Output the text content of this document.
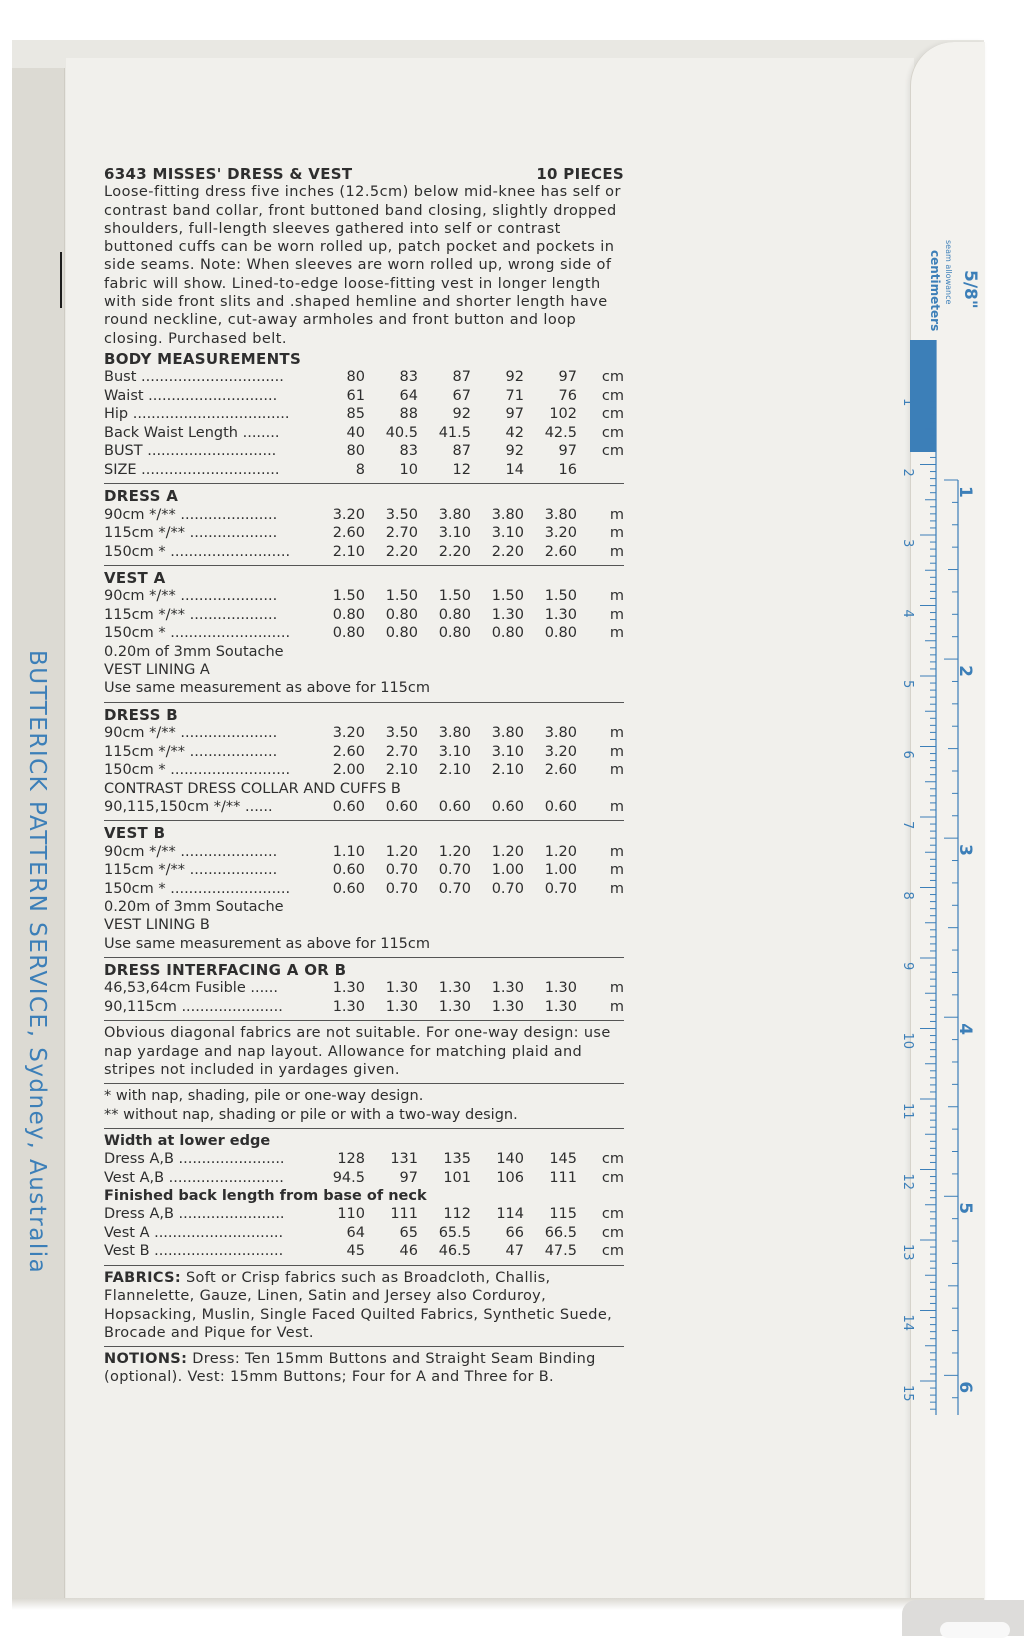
BUTTERICK PATTERN SERVICE, Sydney, Australia
5/8"
seam allowance
centimeters
1
2
3
4
5
6
7
8
9
10
11
12
13
14
15
1
2
3
4
5
6
6343 MISSES' DRESS & VEST	10 PIECES

Loose-fitting dress five inches (12.5cm) below mid-knee has self or contrast band collar, front buttoned band closing, slightly dropped shoulders, full-length sleeves gathered into self or contrast buttoned cuffs can be worn rolled up, patch pocket and pockets in side seams. Note: When sleeves are worn rolled up, wrong side of fabric will show. Lined-to-edge loose-fitting vest in longer length with side front slits and .shaped hemline and shorter length have round neckline, cut-away armholes and front button and loop closing. Purchased belt.

BODY MEASUREMENTS
Bust ...............................	80	83	87	92	97	cm
Waist ............................	61	64	67	71	76	cm
Hip ..................................	85	88	92	97	102	cm
Back Waist Length ........	40	40.5	41.5	42	42.5	cm
BUST ............................	80	83	87	92	97	cm
SIZE ..............................	8	10	12	14	16
DRESS A
90cm */** .....................	3.20	3.50	3.80	3.80	3.80	m
115cm */** ...................	2.60	2.70	3.10	3.10	3.20	m
150cm * ..........................	2.10	2.20	2.20	2.20	2.60	m
VEST A
90cm */** .....................	1.50	1.50	1.50	1.50	1.50	m
115cm */** ...................	0.80	0.80	0.80	1.30	1.30	m
150cm * ..........................	0.80	0.80	0.80	0.80	0.80	m
0.20m of 3mm Soutache
VEST LINING A
Use same measurement as above for 115cm
DRESS B
90cm */** .....................	3.20	3.50	3.80	3.80	3.80	m
115cm */** ...................	2.60	2.70	3.10	3.10	3.20	m
150cm * ..........................	2.00	2.10	2.10	2.10	2.60	m
CONTRAST DRESS COLLAR AND CUFFS B
90,115,150cm */** ......	0.60	0.60	0.60	0.60	0.60	m
VEST B
90cm */** .....................	1.10	1.20	1.20	1.20	1.20	m
115cm */** ...................	0.60	0.70	0.70	1.00	1.00	m
150cm * ..........................	0.60	0.70	0.70	0.70	0.70	m
0.20m of 3mm Soutache
VEST LINING B
Use same measurement as above for 115cm
DRESS INTERFACING A OR B
46,53,64cm Fusible ......	1.30	1.30	1.30	1.30	1.30	m
90,115cm ......................	1.30	1.30	1.30	1.30	1.30	m

Obvious diagonal fabrics are not suitable. For one-way design: use nap yardage and nap layout. Allowance for matching plaid and stripes not included in yardages given.

* with nap, shading, pile or one-way design.
** without nap, shading or pile or with a two-way design.
Width at lower edge
Dress A,B .......................	128	131	135	140	145	cm
Vest A,B .........................	94.5	97	101	106	111	cm
Finished back length from base of neck
Dress A,B .......................	110	111	112	114	115	cm
Vest A ............................	64	65	65.5	66	66.5	cm
Vest B ............................	45	46	46.5	47	47.5	cm

FABRICS: Soft or Crisp fabrics such as Broadcloth, Challis, Flannelette, Gauze, Linen, Satin and Jersey also Corduroy, Hopsacking, Muslin, Single Faced Quilted Fabrics, Synthetic Suede, Brocade and Pique for Vest.

NOTIONS: Dress: Ten 15mm Buttons and Straight Seam Binding (optional). Vest: 15mm Buttons; Four for A and Three for B.
